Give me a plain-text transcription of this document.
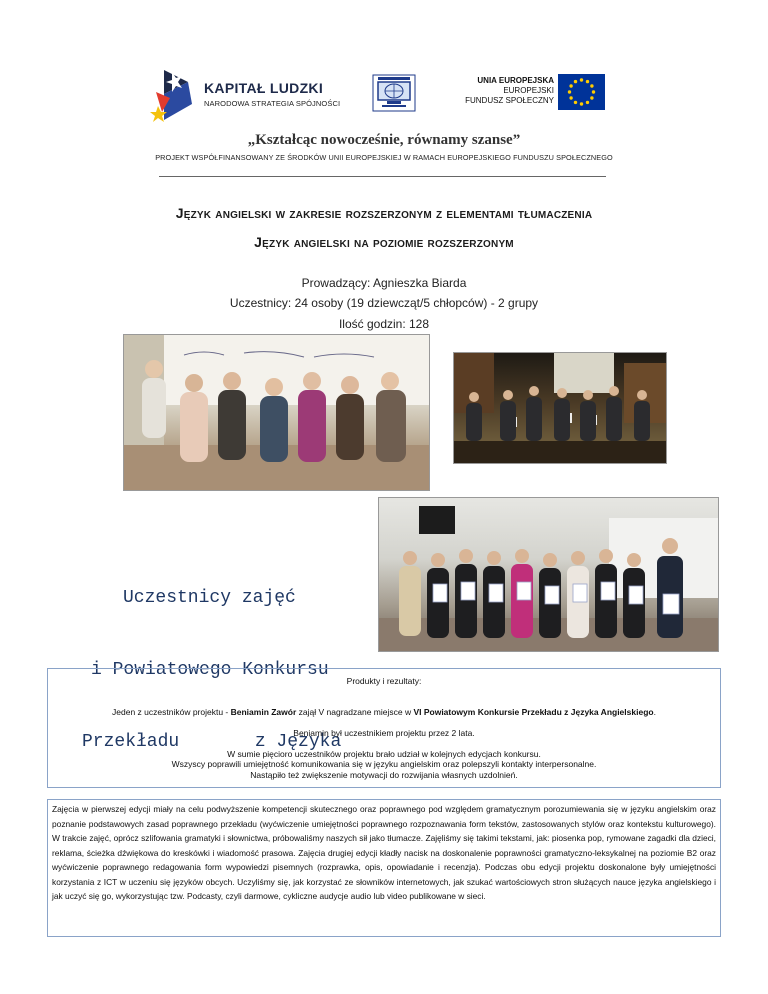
KAPITAŁ LUDZKI
NARODOWA STRATEGIA SPÓJNOŚCI
UNIA EUROPEJSKA
EUROPEJSKI
FUNDUSZ SPOŁECZNY
„Kształcąc nowocześnie, równamy szanse”
PROJEKT WSPÓŁFINANSOWANY ZE ŚRODKÓW UNII EUROPEJSKIEJ W RAMACH EUROPEJSKIEGO FUNDUSZU SPOŁECZNEGO
Język angielski w zakresie rozszerzonym z elementami tłumaczenia
Język angielski na poziomie rozszerzonym
Prowadzący: Agnieszka Biarda
Uczestnicy: 24 osoby (19 dziewcząt/5 chłopców) - 2 grupy
Ilość godzin: 128

Uczestnicy zajęć

i Powiatowego Konkursu

Przekładu       z Języka

Produkty i rezultaty:
Jeden z uczestników projektu - Beniamin Zawór zajął V nagradzane miejsce w VI Powiatowym Konkursie Przekładu z Języka Angielskiego.
Beniamin był uczestnikiem projektu przez 2 lata.
W sumie pięcioro uczestników projektu brało udział w kolejnych edycjach konkursu.
Wszyscy poprawili umiejętność komunikowania się w języku angielskim oraz polepszyli kontakty interpersonalne.
Nastąpiło też zwiększenie motywacji do rozwijania własnych uzdolnień.
Zajęcia w pierwszej edycji miały na celu podwyższenie kompetencji skutecznego oraz poprawnego pod względem gramatycznym porozumiewania się w języku angielskim oraz poznanie podstawowych zasad poprawnego przekładu (wyćwiczenie umiejętności poprawnego rozpoznawania form tekstów, zastosowanych stylów oraz kontekstu kulturowego). W trakcie zajęć, oprócz szlifowania gramatyki i słownictwa, próbowaliśmy naszych sił jako tłumacze. Zajęliśmy się takimi tekstami, jak: piosenka pop, rymowane zagadki dla dzieci, reklama, ścieżka dźwiękowa do kreskówki i wiadomość prasowa. Zajęcia drugiej edycji kładły nacisk na doskonalenie poprawności gramatyczno-leksykalnej na poziomie B2 oraz wyćwiczenie poprawnego redagowania form wypowiedzi pisemnych (rozprawka, opis, opowiadanie i recenzja). Podczas obu edycji projektu doskonalone były umiejętności korzystania z ICT w uczeniu się języków obcych. Uczyliśmy się, jak korzystać ze słowników internetowych, jak szukać wartościowych stron służących nauce języka angielskiego i jak uczyć się go, wykorzystując tzw. Podcasty, czyli darmowe, cykliczne audycje audio lub video publikowane w sieci.
